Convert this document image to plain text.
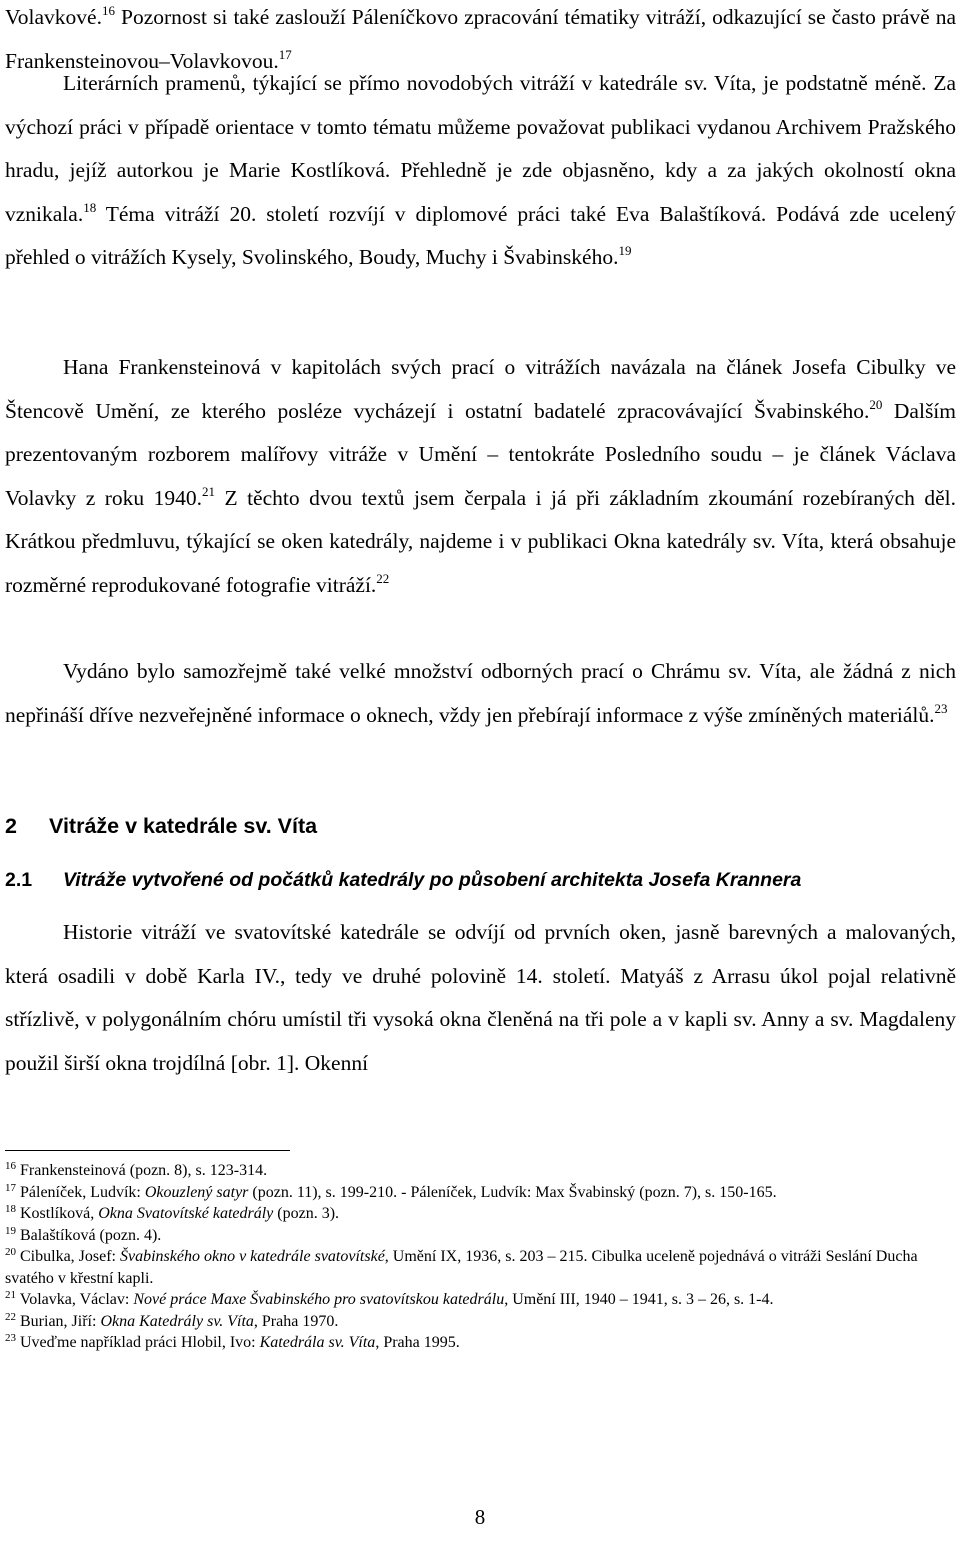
Volavkové.$^{16}$ Pozornost si také zaslouží Páleníčkovo zpracování tématiky vitráží, odkazující se často právě na Frankensteinovou–Volavkovou.$^{17}$

Literárních pramenů, týkající se přímo novodobých vitráží v katedrále sv. Víta, je podstatně méně. Za výchozí práci v případě orientace v tomto tématu můžeme považovat publikaci vydanou Archivem Pražského hradu, jejíž autorkou je Marie Kostlíková. Přehledně je zde objasněno, kdy a za jakých okolností okna vznikala.$^{18}$ Téma vitráží 20. století rozvíjí v diplomové práci také Eva Balaštíková. Podává zde ucelený přehled o vitrážích Kysely, Svolinského, Boudy, Muchy i Švabinského.$^{19}$

Hana Frankensteinová v kapitolách svých prací o vitrážích navázala na článek Josefa Cibulky ve Štencově Umění, ze kterého posléze vycházejí i ostatní badatelé zpracovávající Švabinského.$^{20}$ Dalším prezentovaným rozborem malířovy vitráže v Umění – tentokráte Posledního soudu – je článek Václava Volavky z roku 1940.21 Z těchto dvou textů jsem čerpala i já při základním zkoumání rozebíraných děl. Krátkou předmluvu, týkající se oken katedrály, najdeme i v publikaci Okna katedrály sv. Víta, která obsahuje rozměrné reprodukované fotografie vitráží.$^{22}$

Vydáno bylo samozřejmě také velké množství odborných prací o Chrámu sv. Víta, ale žádná z nich nepřináší dříve nezveřejněné informace o oknech, vždy jen přebírají informace z výše zmíněných materiálů.$^{23}$

2 Vitráže v katedrále sv. Víta
2.1 Vitráže vytvořené od počátků katedrály po působení architekta Josefa Krannera

Historie vitráží ve svatovítské katedrále se odvíjí od prvních oken, jasně barevných a malovaných, která osadili v době Karla IV., tedy ve druhé polovině 14. století. Matyáš z Arrasu úkol pojal relativně střízlivě, v polygonálním chóru umístil tři vysoká okna členěná na tři pole a v kapli sv. Anny a sv. Magdaleny použil širší okna trojdílná [obr. 1]. Okenní

$^{16}$ Frankensteinová (pozn. 8), s. 123-314.

$^{17}$ Páleníček, Ludvík: Okouzlený satyr (pozn. 11), s. 199-210. - Páleníček, Ludvík: Max Švabinský (pozn. 7), s. 150-165.

$^{18}$ Kostlíková, Okna Svatovítské katedrály (pozn. 3).

$^{19}$ Balaštíková (pozn. 4).

$^{20}$ Cibulka, Josef: Švabinského okno v katedrále svatovítské, Umění IX, 1936, s. 203 – 215. Cibulka uceleně pojednává o vitráži Seslání Ducha svatého v křestní kapli.

$^{21}$ Volavka, Václav: Nové práce Maxe Švabinského pro svatovítskou katedrálu, Umění III, 1940 – 1941, s. 3 – 26, s. 1-4.

$^{22}$ Burian, Jiří: Okna Katedrály sv. Víta, Praha 1970.

$^{23}$ Uveďme například práci Hlobil, Ivo: Katedrála sv. Víta, Praha 1995.

8
